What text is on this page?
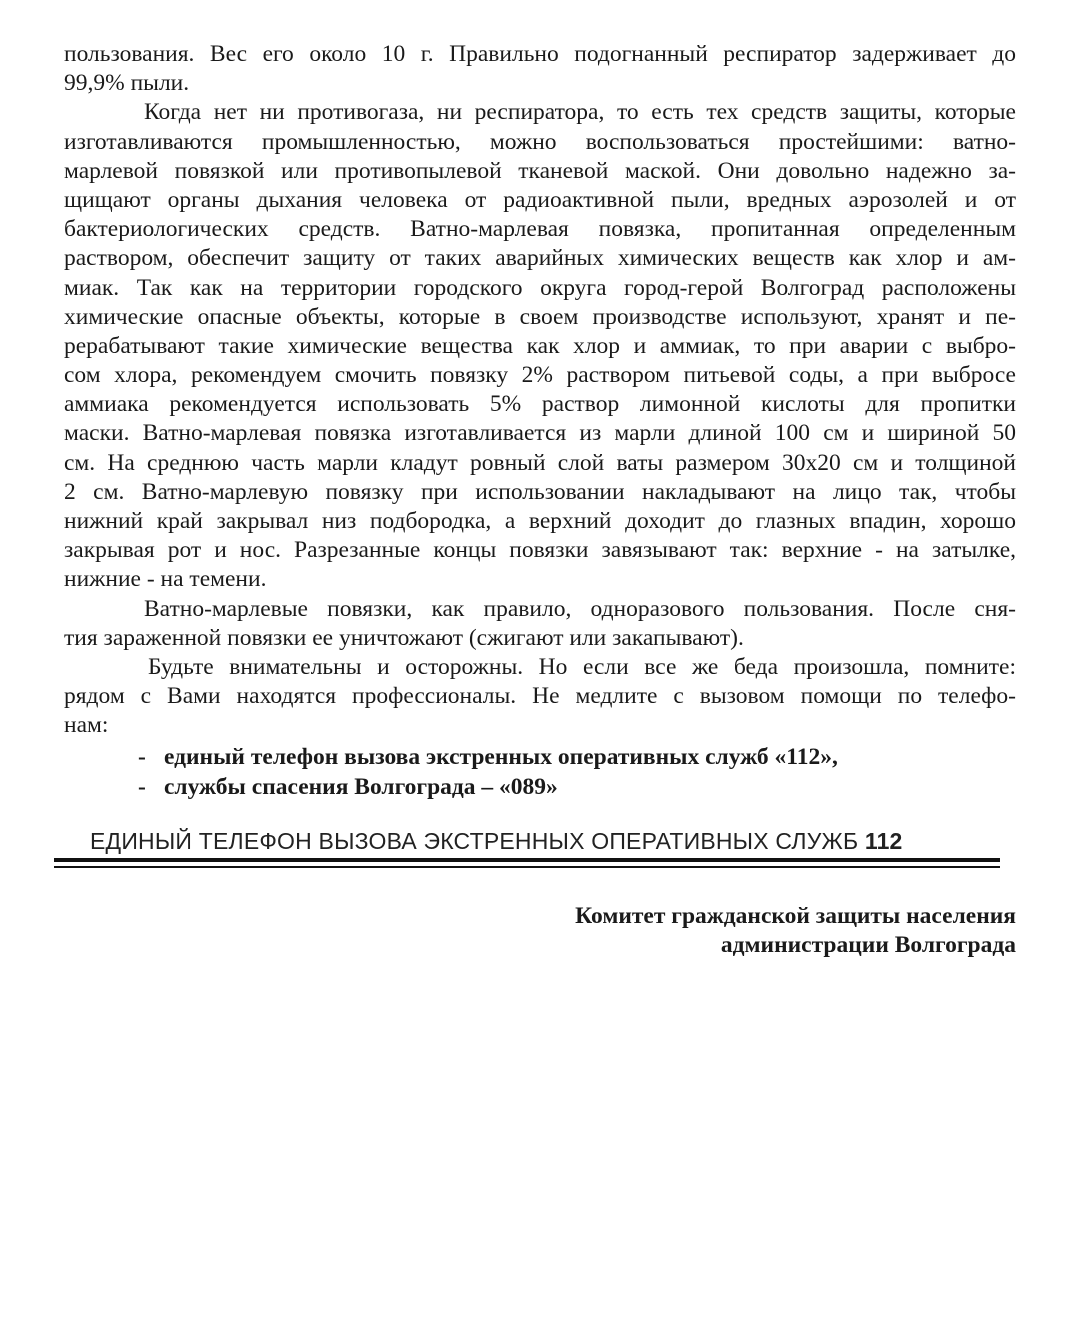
пользования. Вес его около 10 г. Правильно подогнанный респиратор задерживает до
99,9% пыли.
Когда нет ни противогаза, ни респиратора, то есть тех средств защиты, которые
изготавливаются промышленностью, можно воспользоваться простейшими: ватно-
марлевой повязкой или противопылевой тканевой маской. Они довольно надежно за-
щищают органы дыхания человека от радиоактивной пыли, вредных аэрозолей и от
бактериологических средств. Ватно-марлевая повязка, пропитанная определенным
раствором, обеспечит защиту от таких аварийных химических веществ как хлор и ам-
миак. Так как на территории городского округа город-герой Волгоград расположены
химические опасные объекты, которые в своем производстве используют, хранят и пе-
рерабатывают такие химические вещества как хлор и аммиак, то при аварии с выбро-
сом хлора, рекомендуем смочить повязку 2% раствором питьевой соды, а при выбросе
аммиака рекомендуется использовать 5% раствор лимонной кислоты для пропитки
маски. Ватно-марлевая повязка изготавливается из марли длиной 100 см и шириной 50
см. На среднюю часть марли кладут ровный слой ваты размером 30х20 см и толщиной
2 см. Ватно-марлевую повязку при использовании накладывают на лицо так, чтобы
нижний край закрывал низ подбородка, а верхний доходит до глазных впадин, хорошо
закрывая рот и нос. Разрезанные концы повязки завязывают так: верхние - на затылке,
нижние - на темени.
Ватно-марлевые повязки, как правило, одноразового пользования. После сня-
тия зараженной повязки ее уничтожают (сжигают или закапывают).
Будьте внимательны и осторожны. Но если все же беда произошла, помните:
рядом с Вами находятся профессионалы. Не медлите с вызовом помощи по телефо-
нам:
- единый телефон вызова экстренных оперативных служб «112»,
- службы спасения Волгограда – «089»
ЕДИНЫЙ ТЕЛЕФОН ВЫЗОВА ЭКСТРЕННЫХ ОПЕРАТИВНЫХ СЛУЖБ 112
Комитет гражданской защиты населения
администрации Волгограда
